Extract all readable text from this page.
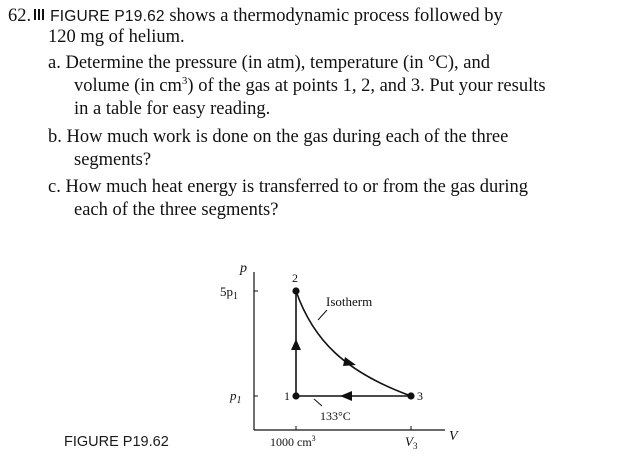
62. FIGURE P19.62 shows a thermodynamic process followed by
120 mg of helium.
a. Determine the pressure (in atm), temperature (in °C), and
volume (in $cm^3$) of the gas at points 1, 2, and 3. Put your results
in a table for easy reading.
b. How much work is done on the gas during each of the three
segments?
c. How much heat energy is transferred to or from the gas during
each of the three segments?
p
V
$5p_1$
$p_1$
1000 $cm^3$	$V_3$
2
1	3
Isotherm
133°C
FIGURE P19.62
